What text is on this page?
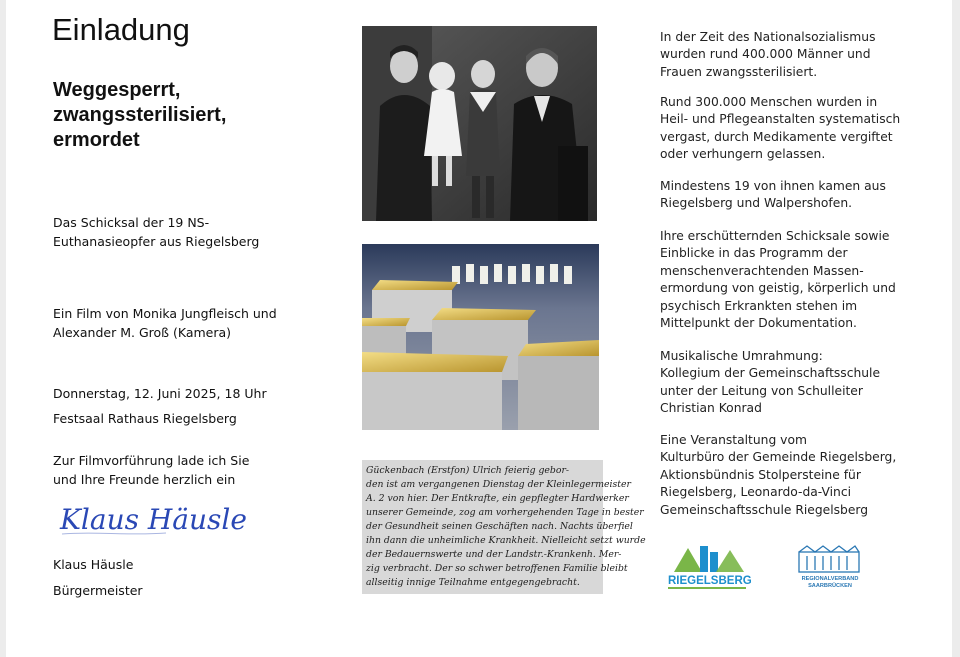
Einladung
Weggesperrt,
zwangssterilisiert,
ermordet
Das Schicksal der 19 NS-
Euthanasieopfer aus Riegelsberg
Ein Film von Monika Jungfleisch und
Alexander M. Groß (Kamera)
Donnerstag, 12. Juni 2025, 18 Uhr
Festsaal Rathaus Riegelsberg
Zur Filmvorführung lade ich Sie
und Ihre Freunde herzlich ein
Klaus Häusle
Klaus Häusle
Bürgermeister
Gückenbach (Erstfon) Ulrich feierig gebor-
den ist am vergangenen Dienstag der Kleinlegermeister
A. 2 von hier. Der Entkrafte, ein gepflegter Hardwerker
unserer Gemeinde, zog am vorhergehenden Tage in bester
der Gesundheit seinen Geschäften nach. Nachts überfiel
ihn dann die unheimliche Krankheit. Nielleicht setzt wurde
der Bedauernswerte und der Landstr.-Krankenh. Mer-
zig verbracht. Der so schwer betroffenen Familie bleibt
allseitig innige Teilnahme entgegengebracht.
In der Zeit des Nationalsozialismus
wurden rund 400.000 Männer und
Frauen zwangssterilisiert.
Rund 300.000 Menschen wurden in
Heil- und Pflegeanstalten systematisch
vergast, durch Medikamente vergiftet
oder verhungern gelassen.
Mindestens 19 von ihnen kamen aus
Riegelsberg und Walpershofen.
Ihre erschütternden Schicksale sowie
Einblicke in das Programm der
menschenverachtenden Massen-
ermordung von geistig, körperlich und
psychisch Erkrankten stehen im
Mittelpunkt der Dokumentation.
Musikalische Umrahmung:
Kollegium der Gemeinschaftsschule
unter der Leitung von Schulleiter
Christian Konrad
Eine Veranstaltung vom
Kulturbüro der Gemeinde Riegelsberg,
Aktionsbündnis Stolpersteine für
Riegelsberg, Leonardo-da-Vinci
Gemeinschaftsschule Riegelsberg
RIEGELSBERG	REGIONALVERBAND
SAARBRÜCKEN
